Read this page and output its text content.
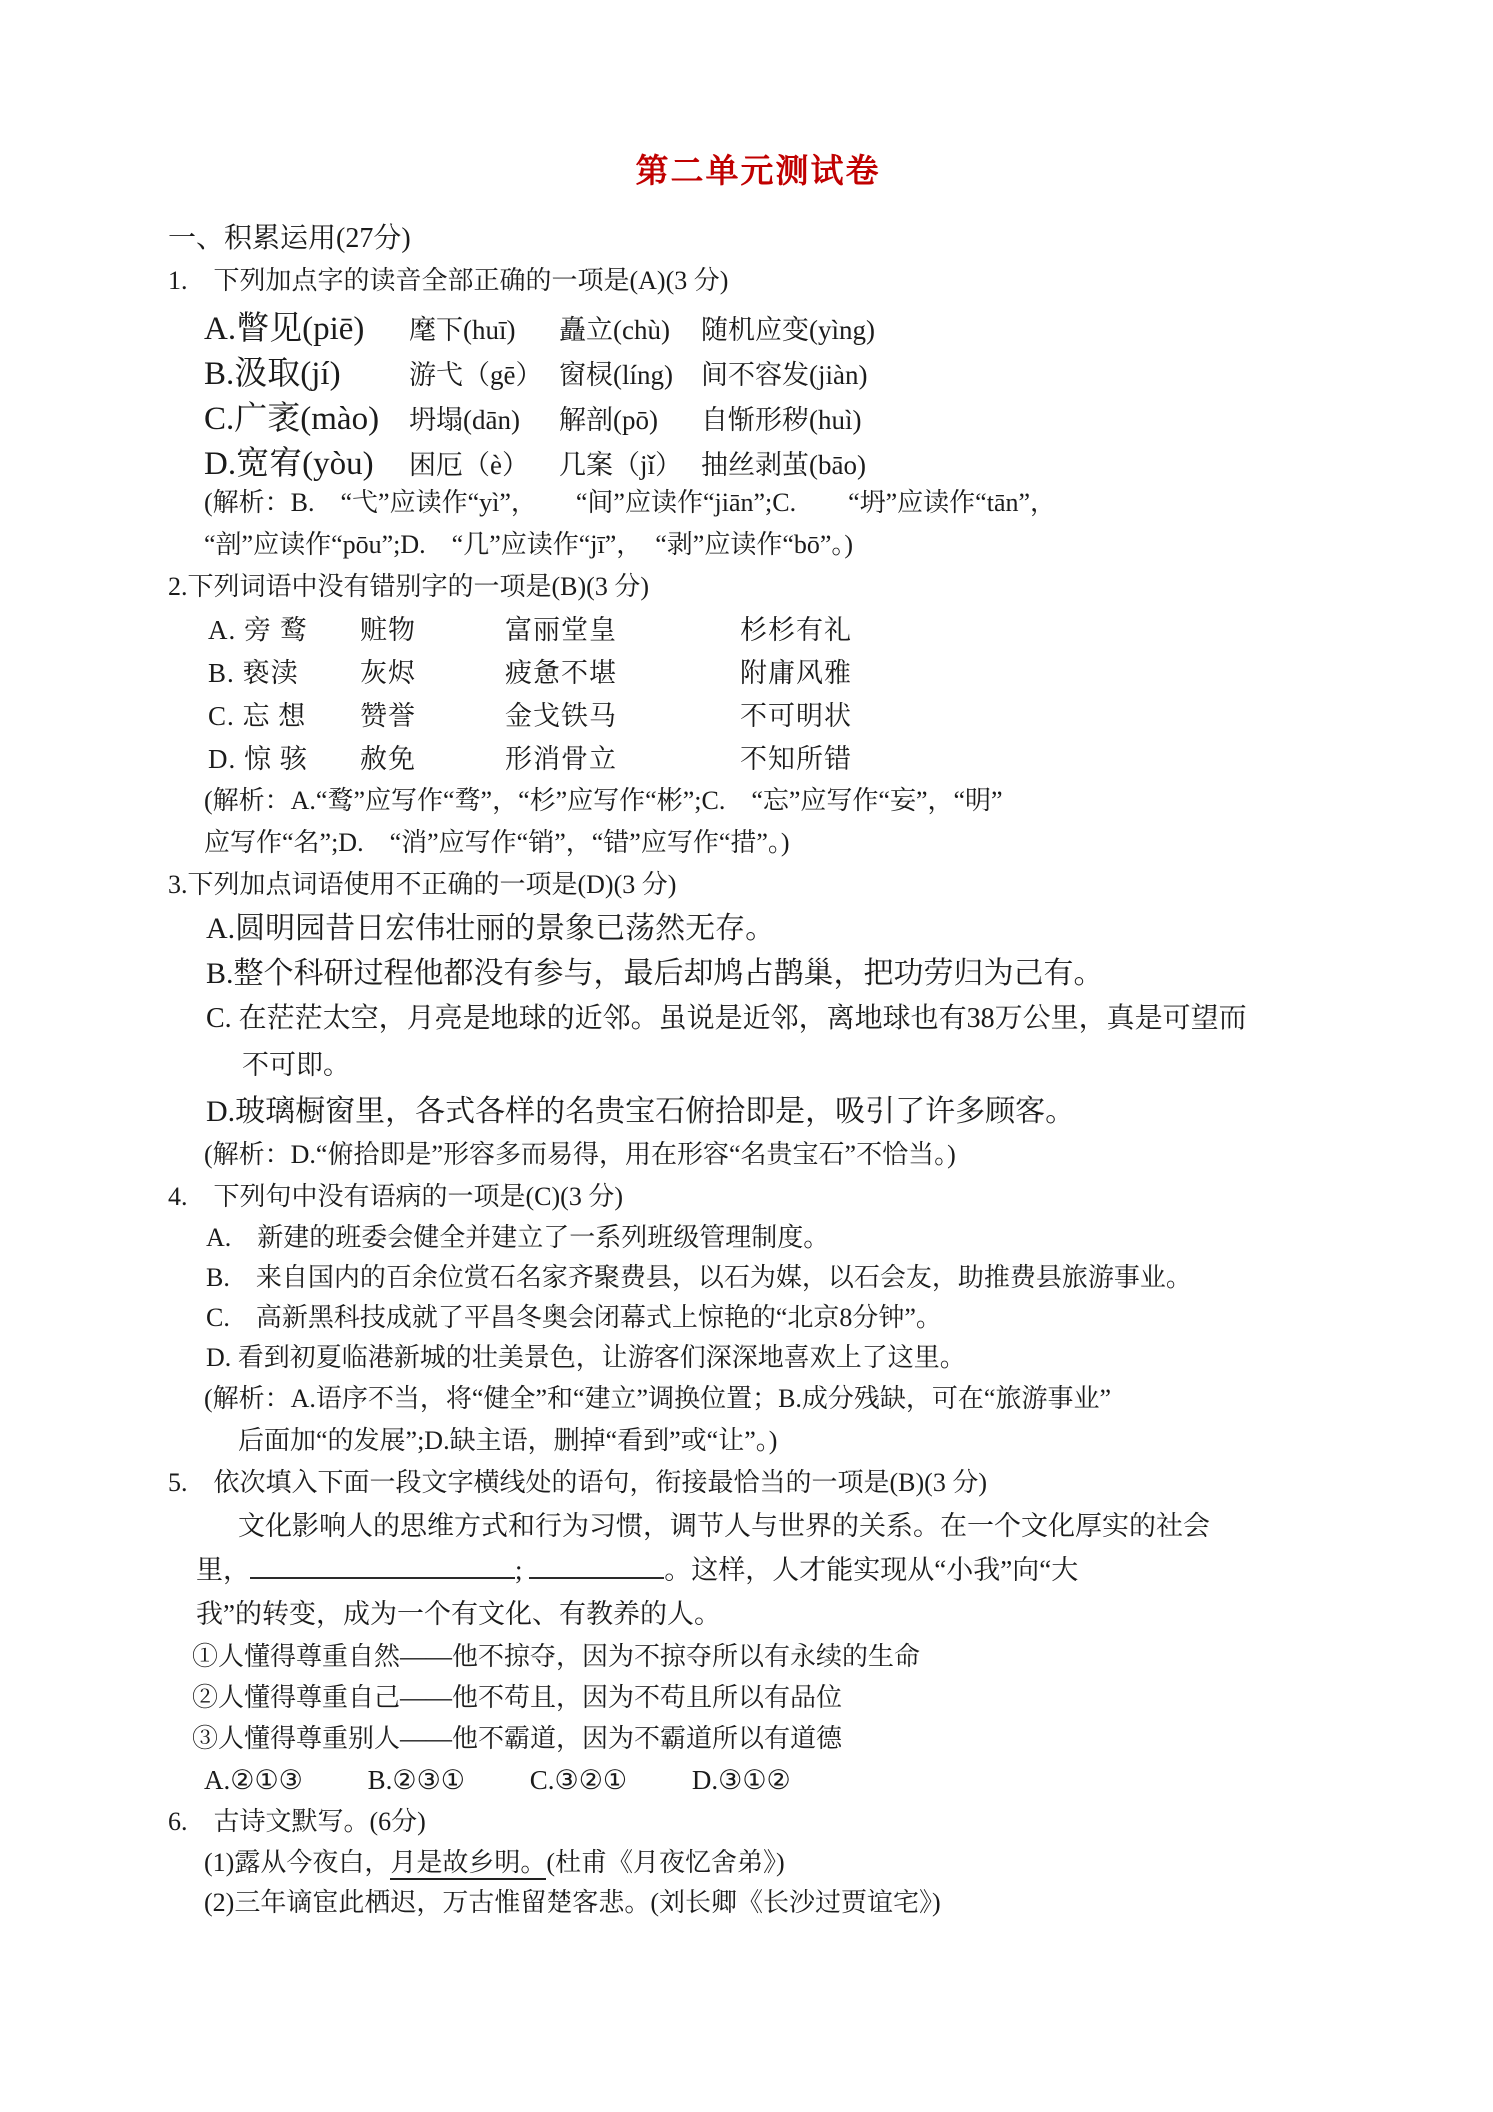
第二单元测试卷
一、积累运用(27分)
1.　下列加点字的读音全部正确的一项是(A)(3 分)
A.瞥见(piē)	麾下(huī)	矗立(chù)	随机应变(yìng)
B.汲取(jí)	游弋（gē） 窗棂(líng)	间不容发(jiàn)
C.广袤(mào)	坍塌(dān)	解剖(pō)	自惭形秽(huì)
D.宽宥(yòu)	困厄（è）	几案（jǐ） 抽丝剥茧(bāo)
(解析：B.　“弋”应读作“yì”，　　“间”应读作“jiān”;C.　　“坍”应读作“tān”，
“剖”应读作“pōu”;D.　“几”应读作“jī”，　“剥”应读作“bō”。)
2.下列词语中没有错别字的一项是(B)(3 分)
A. 旁 鹜	赃物	富丽堂皇	杉杉有礼
B. 亵渎	灰烬	疲惫不堪	附庸风雅
C. 忘 想	赞誉	金戈铁马	不可明状
D. 惊 骇	赦免	形消骨立	不知所错
(解析：A.“鹜”应写作“骛”，“杉”应写作“彬”;C.　“忘”应写作“妄”，“明”
应写作“名”;D.　“消”应写作“销”，“错”应写作“措”。)
3.下列加点词语使用不正确的一项是(D)(3 分)
A.圆明园昔日宏伟壮丽的景象已荡然无存。
B.整个科研过程他都没有参与，最后却鸠占鹊巢，把功劳归为己有。
C. 在茫茫太空，月亮是地球的近邻。虽说是近邻，离地球也有38万公里，真是可望而
不可即。
D.玻璃橱窗里，各式各样的名贵宝石俯拾即是，吸引了许多顾客。
(解析：D.“俯拾即是”形容多而易得，用在形容“名贵宝石”不恰当。)
4.　下列句中没有语病的一项是(C)(3 分)
A.　新建的班委会健全并建立了一系列班级管理制度。
B.　来自国内的百余位赏石名家齐聚费县，以石为媒，以石会友，助推费县旅游事业。
C.　高新黑科技成就了平昌冬奥会闭幕式上惊艳的“北京8分钟”。
D. 看到初夏临港新城的壮美景色，让游客们深深地喜欢上了这里。
(解析：A.语序不当，将“健全”和“建立”调换位置；B.成分残缺，可在“旅游事业”
后面加“的发展”;D.缺主语，删掉“看到”或“让”。)
5.　依次填入下面一段文字横线处的语句，衔接最恰当的一项是(B)(3 分)
文化影响人的思维方式和行为习惯，调节人与世界的关系。在一个文化厚实的社会
里，	;	。这样，人才能实现从“小我”向“大
我”的转变，成为一个有文化、有教养的人。
①人懂得尊重自然——他不掠夺，因为不掠夺所以有永续的生命
②人懂得尊重自己——他不苟且，因为不苟且所以有品位
③人懂得尊重别人——他不霸道，因为不霸道所以有道德
A.②①③ B.②③① C.③②① D.③①②
6.　古诗文默写。(6分)
(1)露从今夜白，月是故乡明。(杜甫《月夜忆舍弟》)
(2)三年谪宦此栖迟，万古惟留楚客悲。(刘长卿《长沙过贾谊宅》)
